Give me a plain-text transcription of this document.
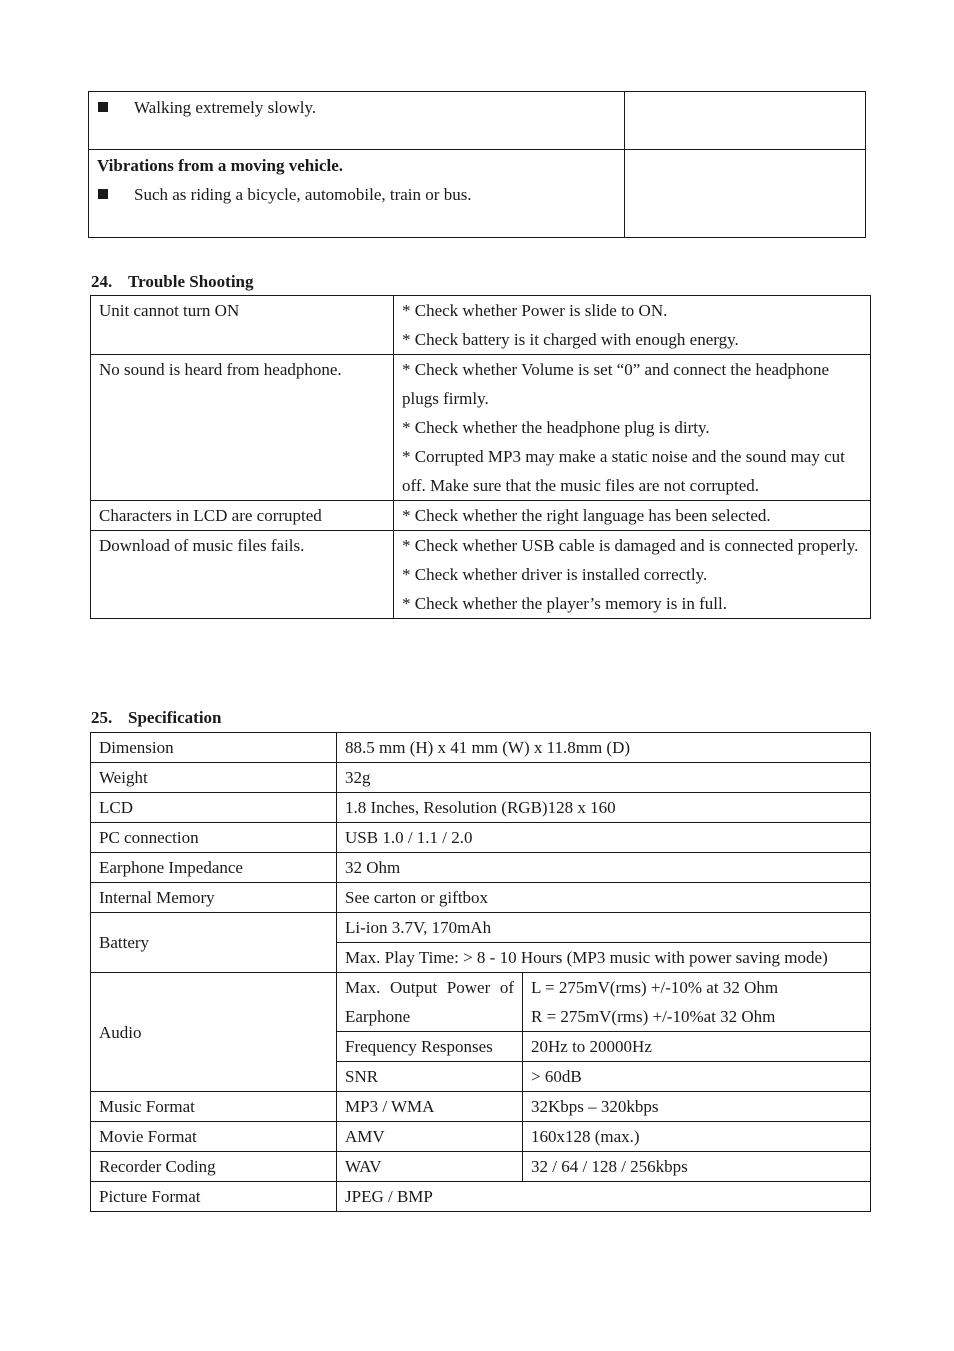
Walking extremely slowly.	

Vibrations from a moving vehicle.
Such as riding a bicycle, automobile, train or bus.	

24. Trouble Shooting
Unit cannot turn ON	* Check whether Power is slide to ON.
* Check battery is it charged with enough energy.

No sound is heard from headphone.	* Check whether Volume is set “0” and connect the headphone plugs firmly.
* Check whether the headphone plug is dirty.
* Corrupted MP3 may make a static noise and the sound may cut off. Make sure that the music files are not corrupted.

Characters in LCD are corrupted	* Check whether the right language has been selected.

Download of music files fails.	* Check whether USB cable is damaged and is connected properly.
* Check whether driver is installed correctly.
* Check whether the player’s memory is in full.
25. Specification
Dimension	88.5 mm (H) x 41 mm (W) x 11.8mm (D)	
Weight	32g	
LCD	1.8 Inches, Resolution (RGB)128 x 160	
PC connection	USB 1.0 / 1.1 / 2.0	
Earphone Impedance	32 Ohm	
Internal Memory	See carton or giftbox	
Battery	Li-ion 3.7V, 170mAh	
	Max. Play Time: > 8 - 10 Hours (MP3 music with power saving mode)	
Audio	Max. Output Power of Earphone	L = 275mV(rms) +/-10% at 32 Ohm
R = 275mV(rms) +/-10%at 32 Ohm

	Frequency Responses	20Hz to 20000Hz
	SNR	> 60dB
Music Format	MP3 / WMA	32Kbps – 320kbps
Movie Format	AMV	160x128 (max.)
Recorder Coding	WAV	32 / 64 / 128 / 256kbps
Picture Format	JPEG / BMP	
